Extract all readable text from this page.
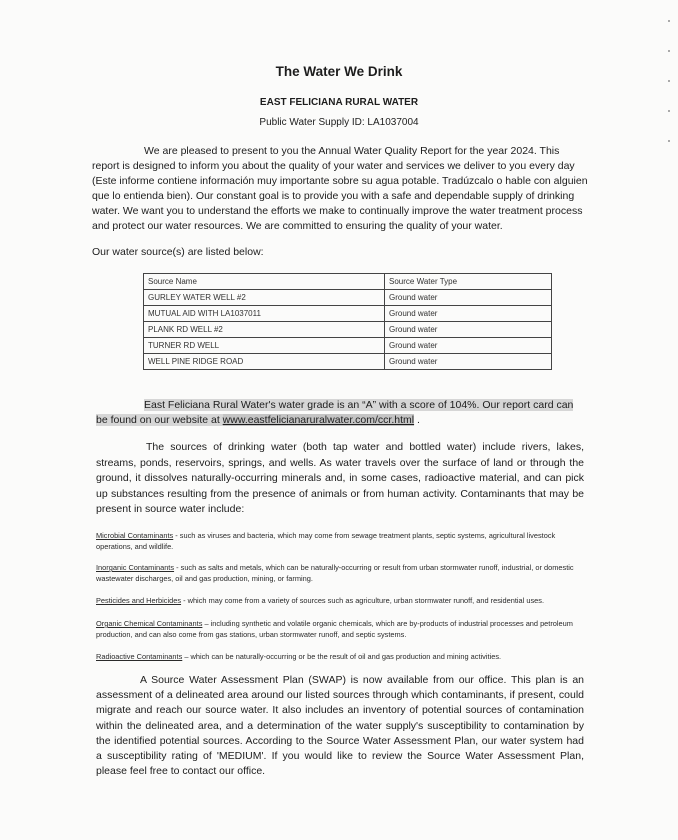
The Water We Drink
EAST FELICIANA RURAL WATER
Public Water Supply ID: LA1037004

We are pleased to present to you the Annual Water Quality Report for the year 2024. This report is designed to inform you about the quality of your water and services we deliver to you every day (Este informe contiene información muy importante sobre su agua potable. Tradúzcalo o hable con alguien que lo entienda bien). Our constant goal is to provide you with a safe and dependable supply of drinking water. We want you to understand the efforts we make to continually improve the water treatment process and protect our water resources. We are committed to ensuring the quality of your water.

Our water source(s) are listed below:

Source Name	Source Water Type
GURLEY WATER WELL #2	Ground water
MUTUAL AID WITH LA1037011	Ground water
PLANK RD WELL #2	Ground water
TURNER RD WELL	Ground water
WELL PINE RIDGE ROAD	Ground water

East Feliciana Rural Water's water grade is an “A” with a score of 104%. Our report card can be found on our website at www.eastfelicianaruralwater.com/ccr.html .

The sources of drinking water (both tap water and bottled water) include rivers, lakes, streams, ponds, reservoirs, springs, and wells. As water travels over the surface of land or through the ground, it dissolves naturally-occurring minerals and, in some cases, radioactive material, and can pick up substances resulting from the presence of animals or from human activity. Contaminants that may be present in source water include:

Microbial Contaminants - such as viruses and bacteria, which may come from sewage treatment plants, septic systems, agricultural livestock operations, and wildlife.

Inorganic Contaminants - such as salts and metals, which can be naturally-occurring or result from urban stormwater runoff, industrial, or domestic wastewater discharges, oil and gas production, mining, or farming.

Pesticides and Herbicides - which may come from a variety of sources such as agriculture, urban stormwater runoff, and residential uses.

Organic Chemical Contaminants – including synthetic and volatile organic chemicals, which are by-products of industrial processes and petroleum production, and can also come from gas stations, urban stormwater runoff, and septic systems.

Radioactive Contaminants – which can be naturally-occurring or be the result of oil and gas production and mining activities.

A Source Water Assessment Plan (SWAP) is now available from our office. This plan is an assessment of a delineated area around our listed sources through which contaminants, if present, could migrate and reach our source water. It also includes an inventory of potential sources of contamination within the delineated area, and a determination of the water supply's susceptibility to contamination by the identified potential sources. According to the Source Water Assessment Plan, our water system had a susceptibility rating of 'MEDIUM'. If you would like to review the Source Water Assessment Plan, please feel free to contact our office.
